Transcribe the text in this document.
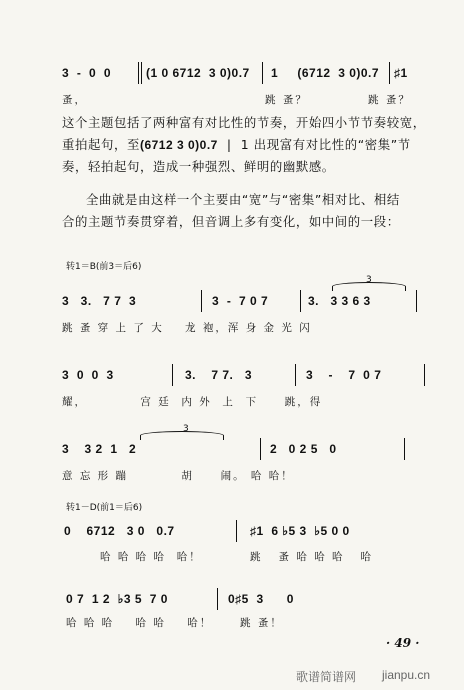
3  -  0  0	(1 0 6712  3 0)0.7 1     (6712  3 0)0.7 ♯1
蚤，	跳 蚤？	跳 蚤？
这个主题包括了两种富有对比性的节奏，开始四小节节奏较宽，
重拍起句，至(6712 3 0)0.7  |  1 出现富有对比性的“密集”节
奏，轻拍起句，造成一种强烈、鲜明的幽默感。
全曲就是由这样一个主要由“宽”与“密集”相对比、相结
合的主题节奏贯穿着，但音调上多有变化，如中间的一段：
转1＝B(前3＝后6)
3   3.   7 7  3	3  -  7 0 7	3.   3 3 6 3
3
跳 蚤 穿 上 了 大    龙 袍，浑 身 金 光 闪
3  0  0  3	3.    7 7.   3	3    -    7  0 7
耀，          宫 廷  内 外  上  下     跳，得
3
3    3 2  1   2	2   0 2 5   0
意 忘 形 蹦          胡     闹。 哈 哈！
转1－D(前1＝后6)
0    6712   3 0   0.7	♯1  6 ♭5 3  ♭5 0 0
哈 哈 哈 哈  哈！	跳   蚤 哈 哈 哈   哈
0 7  1 2  ♭3 5  7 0	0♯5  3      0
哈 哈 哈    哈 哈    哈！	跳 蚤！
· 49 ·
歌谱简谱网 jianpu.cn
